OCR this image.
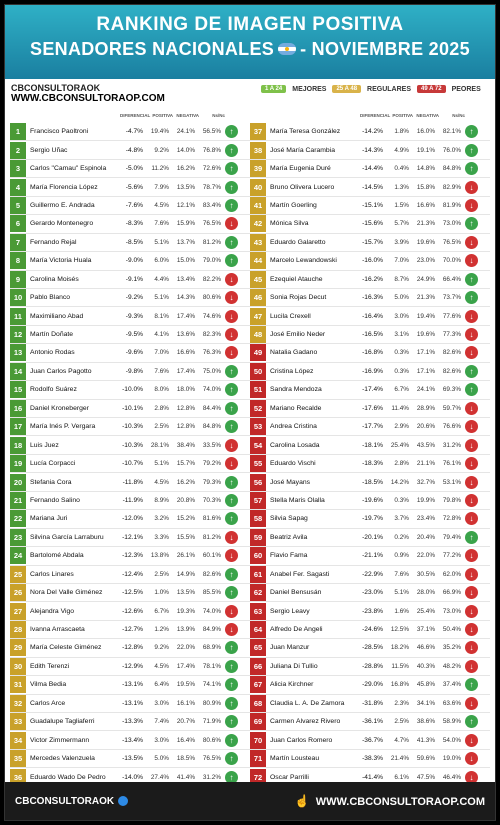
RANKING DE IMAGEN POSITIVA
SENADORES NACIONALES - NOVIEMBRE 2025
CBCONSULTORAOK
WWW.CBCONSULTORAOP.COM
1 A 24	MEJORES	25 A 48	REGULARES	49 A 72	PEORES
DIFERENCIAL POSITIVA NEGATIVA	Ns/Nc	DIFERENCIAL POSITIVA NEGATIVA	Ns/Nc
1	Francisco Paoltroni	-4.7%	19.4%	24.1%	56.5%	↑
2	Sergio Uñac	-4.8%	9.2%	14.0%	76.8%	↑
3	Carlos "Camau" Espinola	-5.0%	11.2%	16.2%	72.6%	↑
4	María Florencia López	-5.6%	7.9%	13.5%	78.7%	↑
5	Guillermo E. Andrada	-7.6%	4.5%	12.1%	83.4%	↑
6	Gerardo Montenegro	-8.3%	7.6%	15.9%	76.5%	↓
7	Fernando Rejal	-8.5%	5.1%	13.7%	81.2%	↑
8	María Victoria Huala	-9.0%	6.0%	15.0%	79.0%	↑
9	Carolina Moisés	-9.1%	4.4%	13.4%	82.2%	↓
10	Pablo Blanco	-9.2%	5.1%	14.3%	80.6%	↓
11	Maximiliano Abad	-9.3%	8.1%	17.4%	74.6%	↓
12	Martín Doñate	-9.5%	4.1%	13.6%	82.3%	↓
13	Antonio Rodas	-9.6%	7.0%	16.6%	76.3%	↓
14	Juan Carlos Pagotto	-9.8%	7.6%	17.4%	75.0%	↑
15	Rodolfo Suárez	-10.0%	8.0%	18.0%	74.0%	↑
16	Daniel Kroneberger	-10.1%	2.8%	12.8%	84.4%	↑
17	María Inés P. Vergara	-10.3%	2.5%	12.8%	84.8%	↑
18	Luis Juez	-10.3%	28.1%	38.4%	33.5%	↓
19	Lucía Corpacci	-10.7%	5.1%	15.7%	79.2%	↓
20	Stefania Cora	-11.8%	4.5%	16.2%	79.3%	↑
21	Fernando Salino	-11.9%	8.9%	20.8%	70.3%	↑
22	Mariana Juri	-12.0%	3.2%	15.2%	81.6%	↑
23	Silvina García Larraburu	-12.1%	3.3%	15.5%	81.2%	↓
24	Bartolomé Abdala	-12.3%	13.8%	26.1%	60.1%	↓
25	Carlos Linares	-12.4%	2.5%	14.9%	82.6%	↑
26	Nora Del Valle Giménez	-12.5%	1.0%	13.5%	85.5%	↑
27	Alejandra Vigo	-12.6%	6.7%	19.3%	74.0%	↓
28	Ivanna Arrascaeta	-12.7%	1.2%	13.9%	84.9%	↓
29	María Celeste Giménez	-12.8%	9.2%	22.0%	68.9%	↑
30	Edith Terenzi	-12.9%	4.5%	17.4%	78.1%	↑
31	Vilma Bedia	-13.1%	6.4%	19.5%	74.1%	↑
32	Carlos Arce	-13.1%	3.0%	16.1%	80.9%	↑
33	Guadalupe Tagliaferri	-13.3%	7.4%	20.7%	71.9%	↑
34	Victor Zimmermann	-13.4%	3.0%	16.4%	80.6%	↑
35	Mercedes Valenzuela	-13.5%	5.0%	18.5%	76.5%	↑
36	Eduardo Wado De Pedro	-14.0%	27.4%	41.4%	31.2%	↑
37	María Teresa González	-14.2%	1.8%	16.0%	82.1%	↑
38	José María Carambia	-14.3%	4.9%	19.1%	76.0%	↑
39	María Eugenia Duré	-14.4%	0.4%	14.8%	84.8%	↑
40	Bruno Olivera Lucero	-14.5%	1.3%	15.8%	82.9%	↓
41	Martín Goerling	-15.1%	1.5%	16.6%	81.9%	↓
42	Mónica Silva	-15.6%	5.7%	21.3%	73.0%	↑
43	Eduardo Galaretto	-15.7%	3.9%	19.6%	76.5%	↓
44	Marcelo Lewandowski	-16.0%	7.0%	23.0%	70.0%	↓
45	Ezequiel Atauche	-16.2%	8.7%	24.9%	66.4%	↑
46	Sonia Rojas Decut	-16.3%	5.0%	21.3%	73.7%	↑
47	Lucila Crexell	-16.4%	3.0%	19.4%	77.6%	↓
48	José Emilio Neder	-16.5%	3.1%	19.6%	77.3%	↓
49	Natalia Gadano	-16.8%	0.3%	17.1%	82.6%	↓
50	Cristina López	-16.9%	0.3%	17.1%	82.6%	↑
51	Sandra Mendoza	-17.4%	6.7%	24.1%	69.3%	↑
52	Mariano Recalde	-17.6%	11.4%	28.9%	59.7%	↓
53	Andrea Cristina	-17.7%	2.9%	20.6%	76.6%	↓
54	Carolina Losada	-18.1%	25.4%	43.5%	31.2%	↓
55	Eduardo Vischi	-18.3%	2.8%	21.1%	76.1%	↓
56	José Mayans	-18.5%	14.2%	32.7%	53.1%	↓
57	Stella Maris Olalla	-19.6%	0.3%	19.9%	79.8%	↓
58	Silvia Sapag	-19.7%	3.7%	23.4%	72.8%	↓
59	Beatriz Avila	-20.1%	0.2%	20.4%	79.4%	↑
60	Flavio Fama	-21.1%	0.9%	22.0%	77.2%	↓
61	Anabel Fer. Sagasti	-22.9%	7.6%	30.5%	62.0%	↓
62	Daniel Bensusán	-23.0%	5.1%	28.0%	66.9%	↓
63	Sergio Leavy	-23.8%	1.6%	25.4%	73.0%	↓
64	Alfredo De Angeli	-24.6%	12.5%	37.1%	50.4%	↓
65	Juan Manzur	-28.5%	18.2%	46.6%	35.2%	↓
66	Juliana Di Tullio	-28.8%	11.5%	40.3%	48.2%	↓
67	Alicia Kirchner	-29.0%	16.8%	45.8%	37.4%	↑
68	Claudia L. A. De Zamora	-31.8%	2.3%	34.1%	63.6%	↓
69	Carmen Álvarez Rivero	-36.1%	2.5%	38.6%	58.9%	↑
70	Juan Carlos Romero	-36.7%	4.7%	41.3%	54.0%	↓
71	Martín Lousteau	-38.3%	21.4%	59.6%	19.0%	↓
72	Oscar Parrilli	-41.4%	6.1%	47.5%	46.4%	↓
CBCONSULTORAOK	☝ WWW.CBCONSULTORAOP.COM
